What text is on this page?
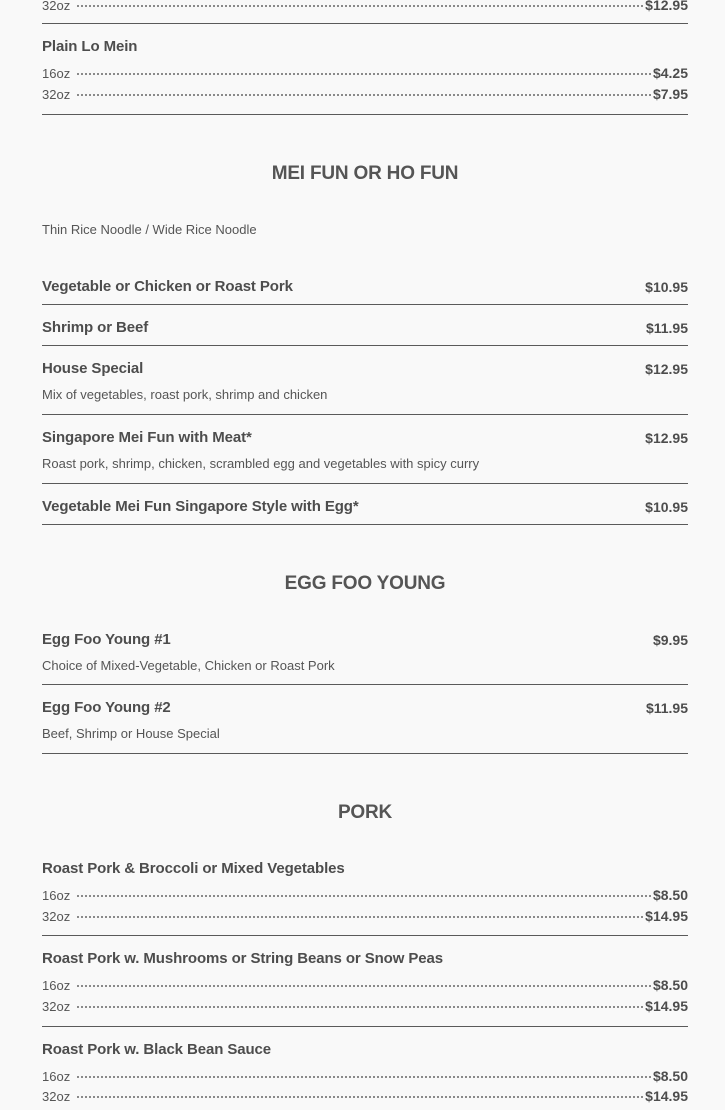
32oz	$12.95
Plain Lo Mein
16oz	$4.25
32oz	$7.95
MEI FUN OR HO FUN
Thin Rice Noodle / Wide Rice Noodle
Vegetable or Chicken or Roast Pork	$10.95
Shrimp or Beef	$11.95
House Special	$12.95
Mix of vegetables, roast pork, shrimp and chicken
Singapore Mei Fun with Meat*	$12.95
Roast pork, shrimp, chicken, scrambled egg and vegetables with spicy curry
Vegetable Mei Fun Singapore Style with Egg*	$10.95
EGG FOO YOUNG
Egg Foo Young #1	$9.95
Choice of Mixed-Vegetable, Chicken or Roast Pork
Egg Foo Young #2	$11.95
Beef, Shrimp or House Special
PORK
Roast Pork & Broccoli or Mixed Vegetables
16oz	$8.50
32oz	$14.95
Roast Pork w. Mushrooms or String Beans or Snow Peas
16oz	$8.50
32oz	$14.95
Roast Pork w. Black Bean Sauce
16oz	$8.50
32oz	$14.95
